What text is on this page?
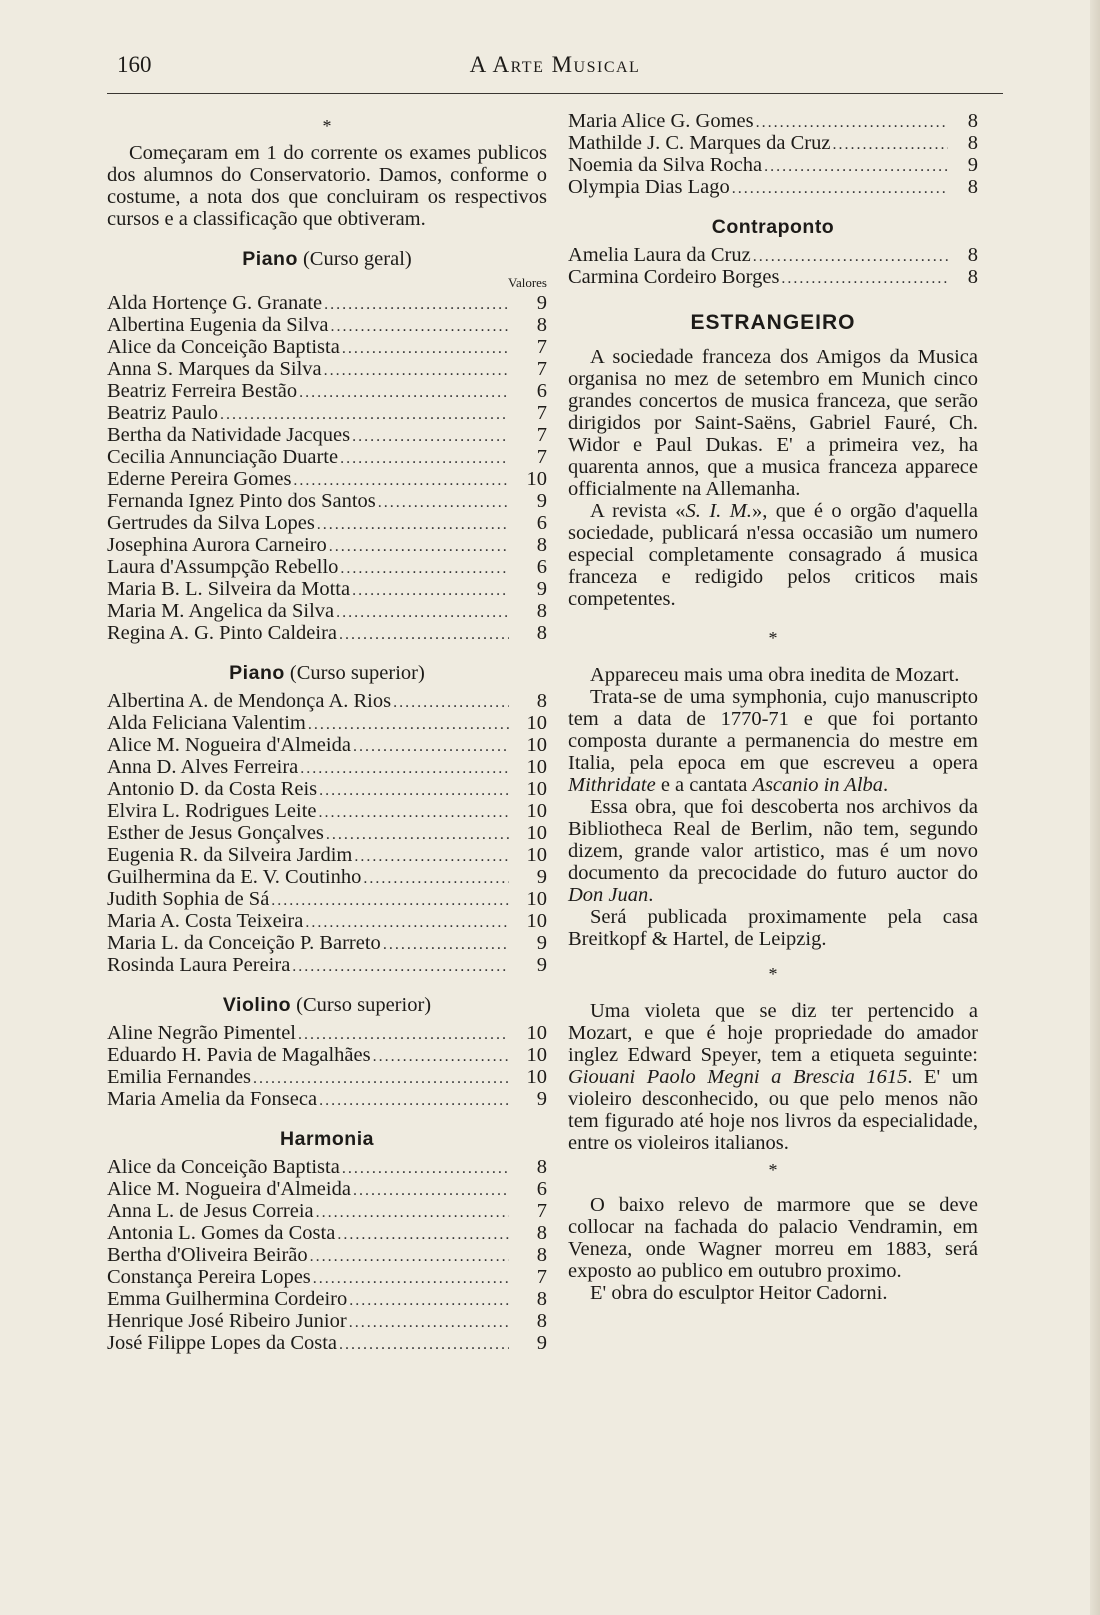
160	A Arte Musical
*

Começaram em 1 do corrente os exames publicos dos alumnos do Conservatorio. Damos, conforme o costume, a nota dos que concluiram os respectivos cursos e a classificação que obtiveram.

Piano (Curso geral)
Valores
Alda Hortençe G. Granate .....	9
Albertina Eugenia da Silva .....	8
Alice da Conceição Baptista .....	7
Anna S. Marques da Silva .....	7
Beatriz Ferreira Bestão .....	6
Beatriz Paulo .....	7
Bertha da Natividade Jacques .....	7
Cecilia Annunciação Duarte .....	7
Ederne Pereira Gomes .....	10
Fernanda Ignez Pinto dos Santos .....	9
Gertrudes da Silva Lopes .....	6
Josephina Aurora Carneiro .....	8
Laura d'Assumpção Rebello .....	6
Maria B. L. Silveira da Motta .....	9
Maria M. Angelica da Silva .....	8
Regina A. G. Pinto Caldeira .....	8
Piano (Curso superior)
Albertina A. de Mendonça A. Rios .....	8
Alda Feliciana Valentim .....	10
Alice M. Nogueira d'Almeida .....	10
Anna D. Alves Ferreira .....	10
Antonio D. da Costa Reis .....	10
Elvira L. Rodrigues Leite .....	10
Esther de Jesus Gonçalves .....	10
Eugenia R. da Silveira Jardim .....	10
Guilhermina da E. V. Coutinho .....	9
Judith Sophia de Sá .....	10
Maria A. Costa Teixeira .....	10
Maria L. da Conceição P. Barreto .....	9
Rosinda Laura Pereira .....	9
Violino (Curso superior)
Aline Negrão Pimentel .....	10
Eduardo H. Pavia de Magalhães .....	10
Emilia Fernandes .....	10
Maria Amelia da Fonseca .....	9
Harmonia
Alice da Conceição Baptista .....	8
Alice M. Nogueira d'Almeida .....	6
Anna L. de Jesus Correia .....	7
Antonia L. Gomes da Costa .....	8
Bertha d'Oliveira Beirão .....	8
Constança Pereira Lopes .....	7
Emma Guilhermina Cordeiro .....	8
Henrique José Ribeiro Junior .....	8
José Filippe Lopes da Costa .....	9
Maria Alice G. Gomes .....	8
Mathilde J. C. Marques da Cruz .....	8
Noemia da Silva Rocha .....	9
Olympia Dias Lago .....	8
Contraponto
Amelia Laura da Cruz .....	8
Carmina Cordeiro Borges .....	8
ESTRANGEIRO

A sociedade franceza dos Amigos da Musica organisa no mez de setembro em Munich cinco grandes concertos de musica franceza, que serão dirigidos por Saint-Saëns, Gabriel Fauré, Ch. Widor e Paul Dukas. E' a primeira vez, ha quarenta annos, que a musica franceza apparece officialmente na Allemanha.

A revista «S. I. M.», que é o orgão d'aquella sociedade, publicará n'essa occasião um numero especial completamente consagrado á musica franceza e redigido pelos criticos mais competentes.

*

Appareceu mais uma obra inedita de Mozart.

Trata-se de uma symphonia, cujo manuscripto tem a data de 1770-71 e que foi portanto composta durante a permanencia do mestre em Italia, pela epoca em que escreveu a opera Mithridate e a cantata Ascanio in Alba.

Essa obra, que foi descoberta nos archivos da Bibliotheca Real de Berlim, não tem, segundo dizem, grande valor artistico, mas é um novo documento da precocidade do futuro auctor do Don Juan.

Será publicada proximamente pela casa Breitkopf & Hartel, de Leipzig.

*

Uma violeta que se diz ter pertencido a Mozart, e que é hoje propriedade do amador inglez Edward Speyer, tem a etiqueta seguinte: Giouani Paolo Megni a Brescia 1615. E' um violeiro desconhecido, ou que pelo menos não tem figurado até hoje nos livros da especialidade, entre os violeiros italianos.

*

O baixo relevo de marmore que se deve collocar na fachada do palacio Vendramin, em Veneza, onde Wagner morreu em 1883, será exposto ao publico em outubro proximo.

E' obra do esculptor Heitor Cadorni.
